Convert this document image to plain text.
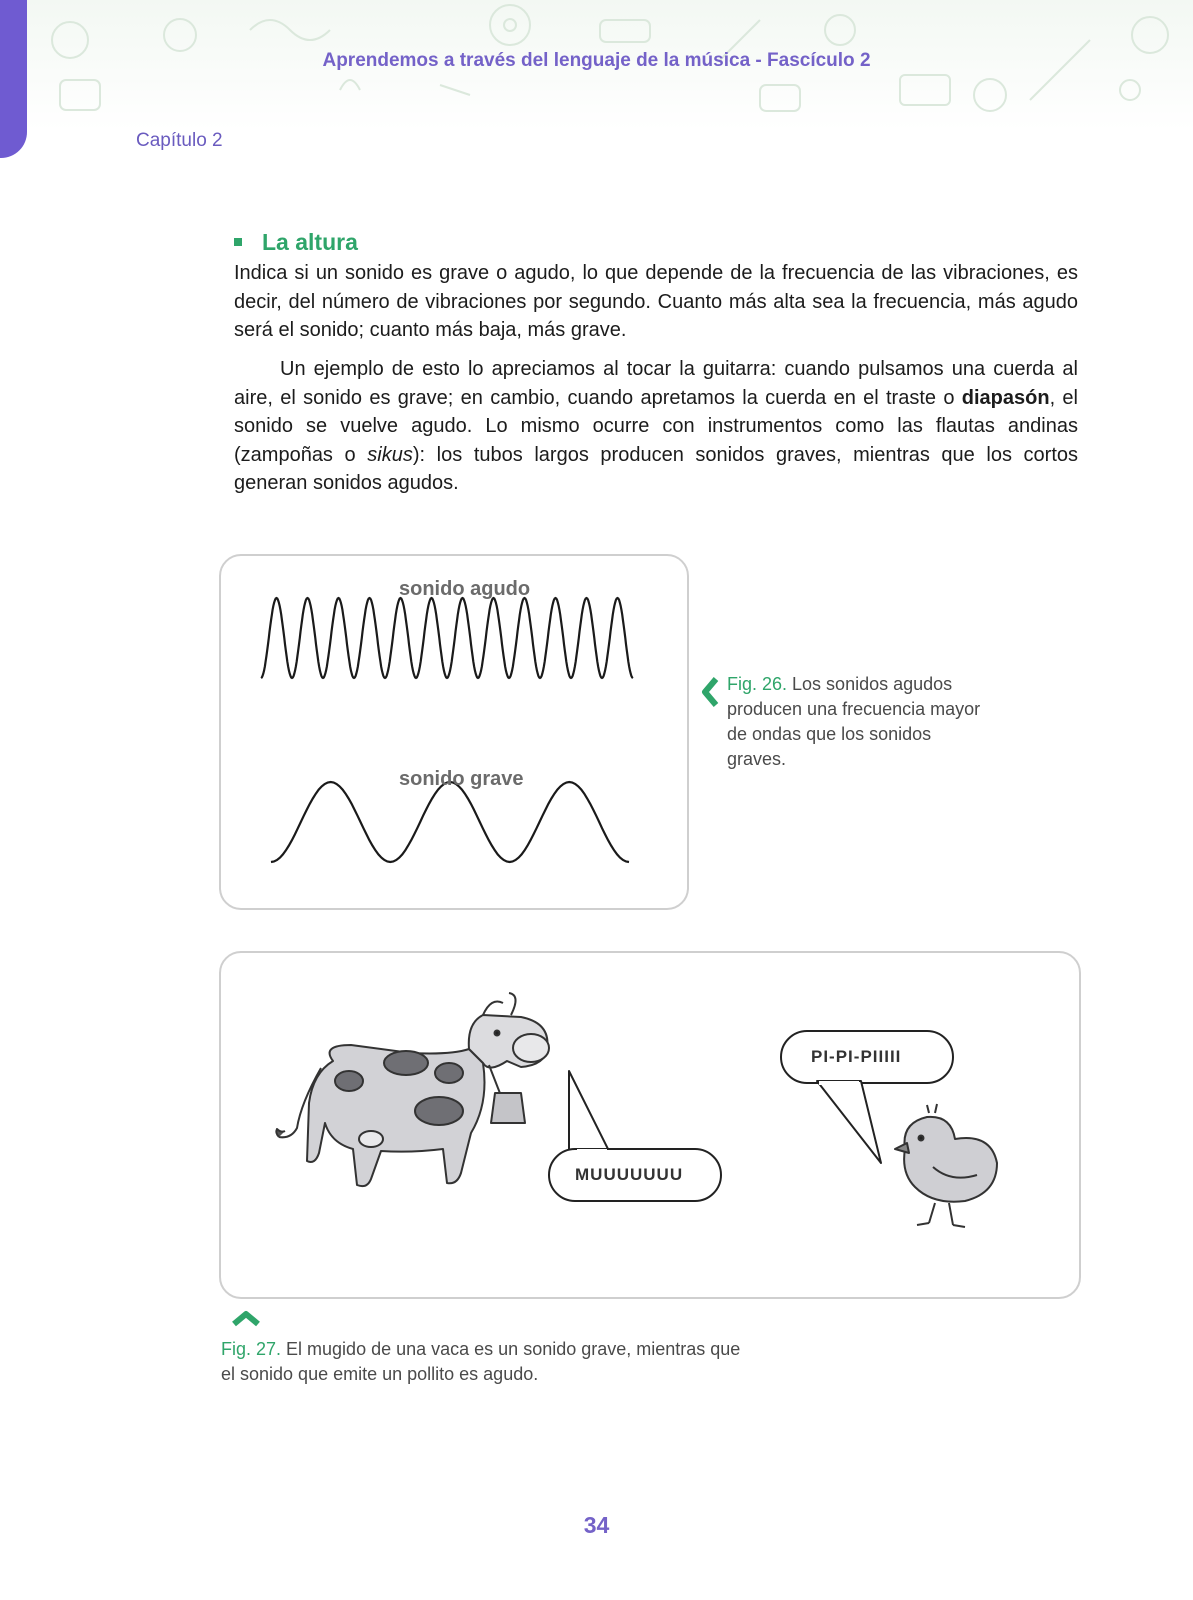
Aprendemos a través del lenguaje de la música - Fascículo 2
Capítulo 2
La altura

Indica si un sonido es grave o agudo, lo que depende de la frecuencia de las vibraciones, es decir, del número de vibraciones por segundo. Cuanto más alta sea la frecuencia, más agudo será el sonido; cuanto más baja, más grave.

Un ejemplo de esto lo apreciamos al tocar la guitarra: cuando pulsamos una cuerda al aire, el sonido es grave; en cambio, cuando apretamos la cuerda en el traste o diapasón, el sonido se vuelve agudo. Lo mismo ocurre con instrumentos como las flautas andinas (zampoñas o sikus): los tubos largos producen sonidos graves, mientras que los cortos generan sonidos agudos.

sonido agudo
sonido grave
Fig. 26. Los sonidos agudos producen una frecuencia mayor de ondas que los sonidos graves.
MUUUUUUU
PI-PI-PIIIII
Fig. 27. El mugido de una vaca es un sonido grave, mientras que el sonido que emite un pollito es agudo.
34
